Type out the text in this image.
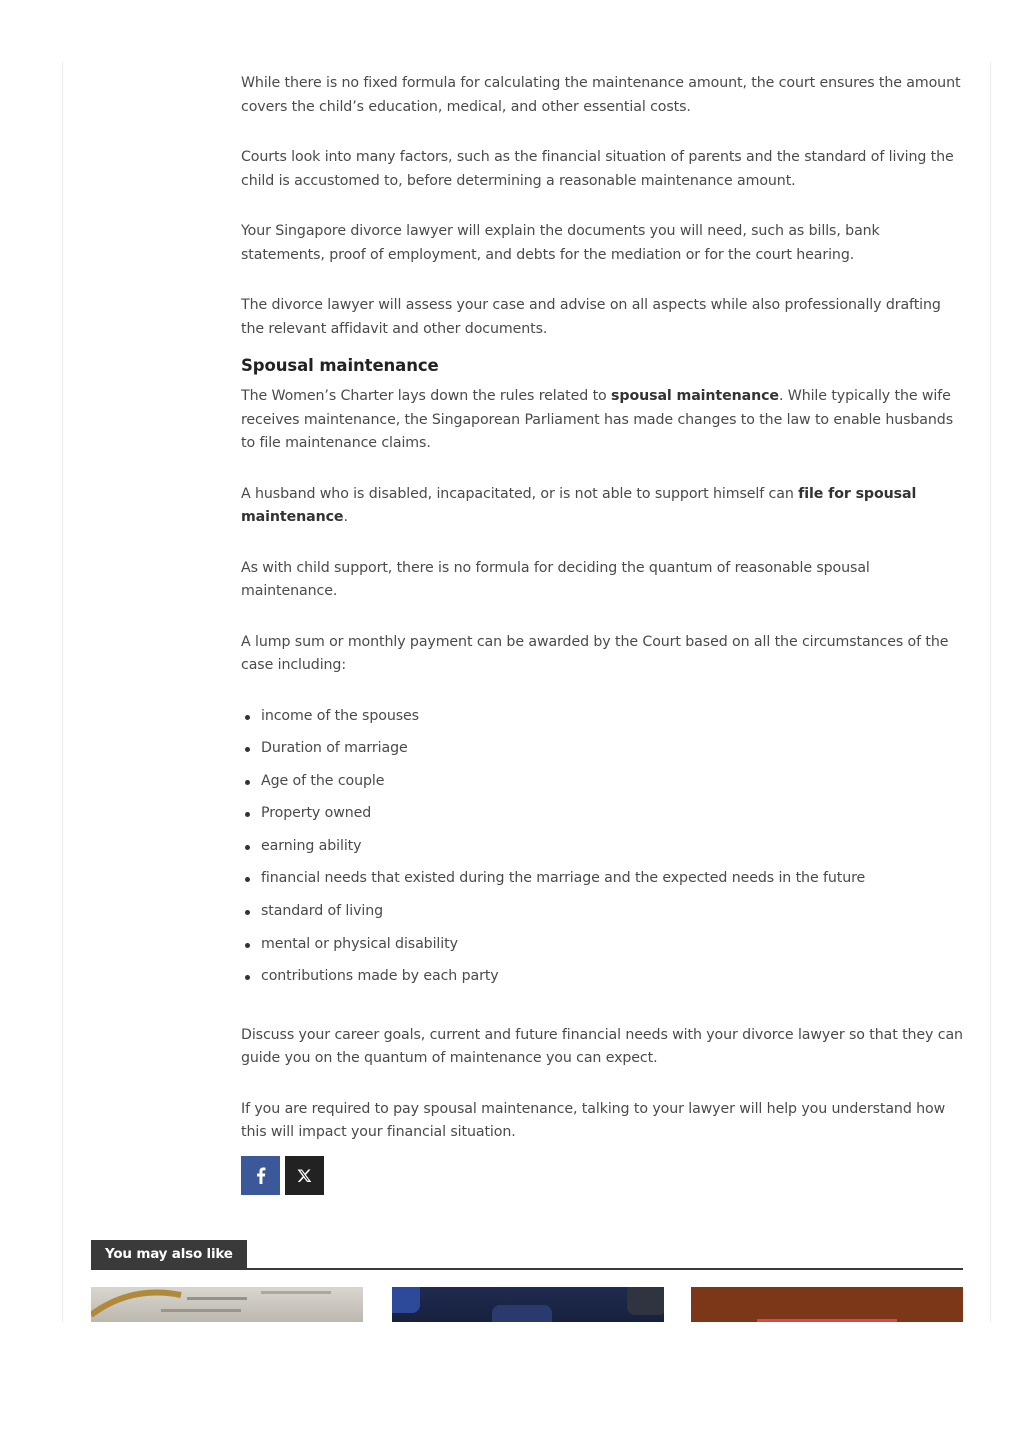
While there is no fixed formula for calculating the maintenance amount, the court ensures the amount covers the child’s education, medical, and other essential costs.

Courts look into many factors, such as the financial situation of parents and the standard of living the child is accustomed to, before determining a reasonable maintenance amount.

Your Singapore divorce lawyer will explain the documents you will need, such as bills, bank statements, proof of employment, and debts for the mediation or for the court hearing.

The divorce lawyer will assess your case and advise on all aspects while also professionally drafting the relevant affidavit and other documents.

Spousal maintenance

The Women’s Charter lays down the rules related to spousal maintenance. While typically the wife receives maintenance, the Singaporean Parliament has made changes to the law to enable husbands to file maintenance claims.

A husband who is disabled, incapacitated, or is not able to support himself can file for spousal maintenance.

As with child support, there is no formula for deciding the quantum of reasonable spousal maintenance.

A lump sum or monthly payment can be awarded by the Court based on all the circumstances of the case including:

income of the spouses
Duration of marriage
Age of the couple
Property owned
earning ability
financial needs that existed during the marriage and the expected needs in the future
standard of living
mental or physical disability
contributions made by each party

Discuss your career goals, current and future financial needs with your divorce lawyer so that they can guide you on the quantum of maintenance you can expect.

If you are required to pay spousal maintenance, talking to your lawyer will help you understand how this will impact your financial situation.

You may also like
